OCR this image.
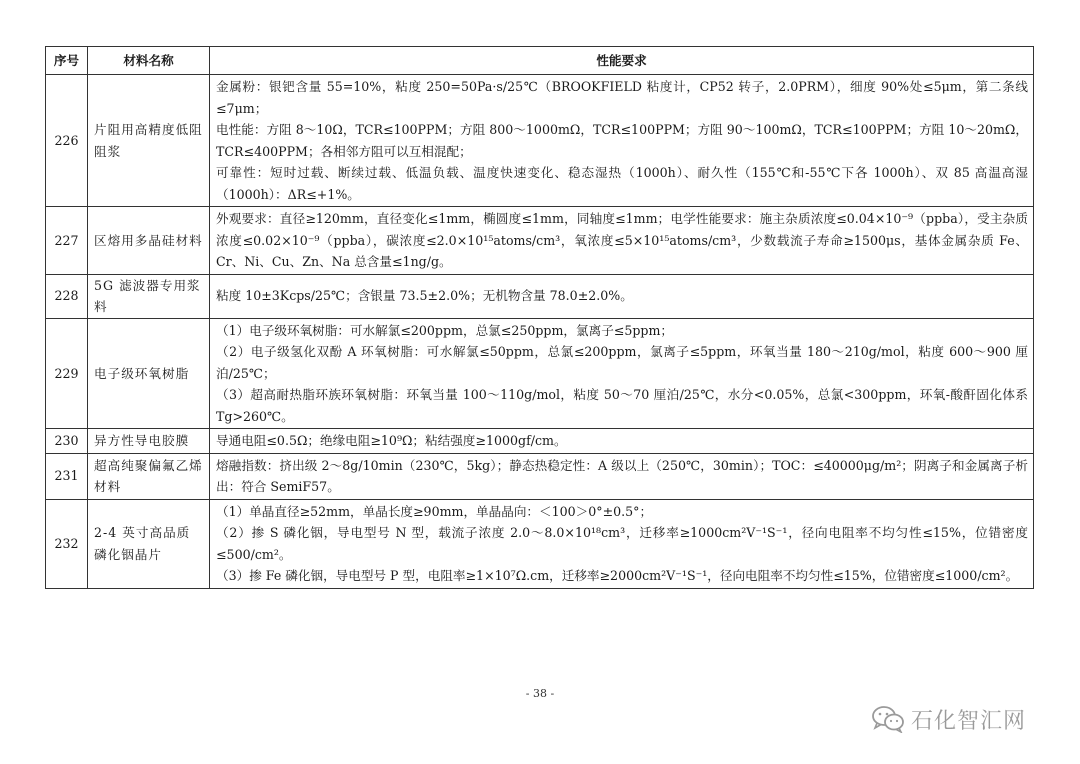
序号	材料名称	性能要求
226	片阻用高精度低阻阻浆	金属粉：银钯含量 55=10%，粘度 250=50Pa·s/25℃（BROOKFIELD 粘度计，CP52 转子，2.0PRM），细度 90%处≤5μm，第二条线≤7μm；

电性能：方阻 8～10Ω，TCR≤100PPM；方阻 800～1000mΩ，TCR≤100PPM；方阻 90～100mΩ，TCR≤100PPM；方阻 10～20mΩ，TCR≤400PPM；各相邻方阻可以互相混配；

可靠性：短时过载、断续过载、低温负载、温度快速变化、稳态湿热（1000h）、耐久性（155℃和-55℃下各 1000h）、双 85 高温高湿（1000h）：ΔR≤+1%。

227	区熔用多晶硅材料	外观要求：直径≥120mm，直径变化≤1mm，椭圆度≤1mm，同轴度≤1mm；电学性能要求：施主杂质浓度≤0.04×10⁻⁹（ppba），受主杂质浓度≤0.02×10⁻⁹（ppba），碳浓度≤2.0×10¹⁵atoms/cm³，氧浓度≤5×10¹⁵atoms/cm³，少数载流子寿命≥1500μs，基体金属杂质 Fe、Cr、Ni、Cu、Zn、Na 总含量≤1ng/g。

228	5G 滤波器专用浆料	粘度 10±3Kcps/25℃；含银量 73.5±2.0%；无机物含量 78.0±2.0%。

229	电子级环氧树脂	（1）电子级环氧树脂：可水解氯≤200ppm，总氯≤250ppm，氯离子≤5ppm；

（2）电子级氢化双酚 A 环氧树脂：可水解氯≤50ppm，总氯≤200ppm，氯离子≤5ppm，环氧当量 180～210g/mol，粘度 600～900 厘泊/25℃；

（3）超高耐热脂环族环氧树脂：环氧当量 100～110g/mol，粘度 50～70 厘泊/25℃，水分<0.05%，总氯<300ppm，环氧-酸酐固化体系 Tg>260℃。

230	异方性导电胶膜	导通电阻≤0.5Ω；绝缘电阻≥10⁹Ω；粘结强度≥1000gf/cm。

231	超高纯聚偏氟乙烯材料	熔融指数：挤出级 2～8g/10min（230℃，5kg）；静态热稳定性：A 级以上（250℃，30min）；TOC：≤40000μg/m²；阴离子和金属离子析出：符合 SemiF57。

232	2-4 英寸高品质磷化铟晶片	（1）单晶直径≥52mm，单晶长度≥90mm，单晶晶向：＜100＞0°±0.5°；

（2）掺 S 磷化铟，导电型号 N 型，载流子浓度 2.0～8.0×10¹⁸cm³，迁移率≥1000cm²V⁻¹S⁻¹，径向电阻率不均匀性≤15%，位错密度≤500/cm²。

（3）掺 Fe 磷化铟，导电型号 P 型，电阻率≥1×10⁷Ω.cm，迁移率≥2000cm²V⁻¹S⁻¹，径向电阻率不均匀性≤15%，位错密度≤1000/cm²。

- 38 -
石化智汇网
